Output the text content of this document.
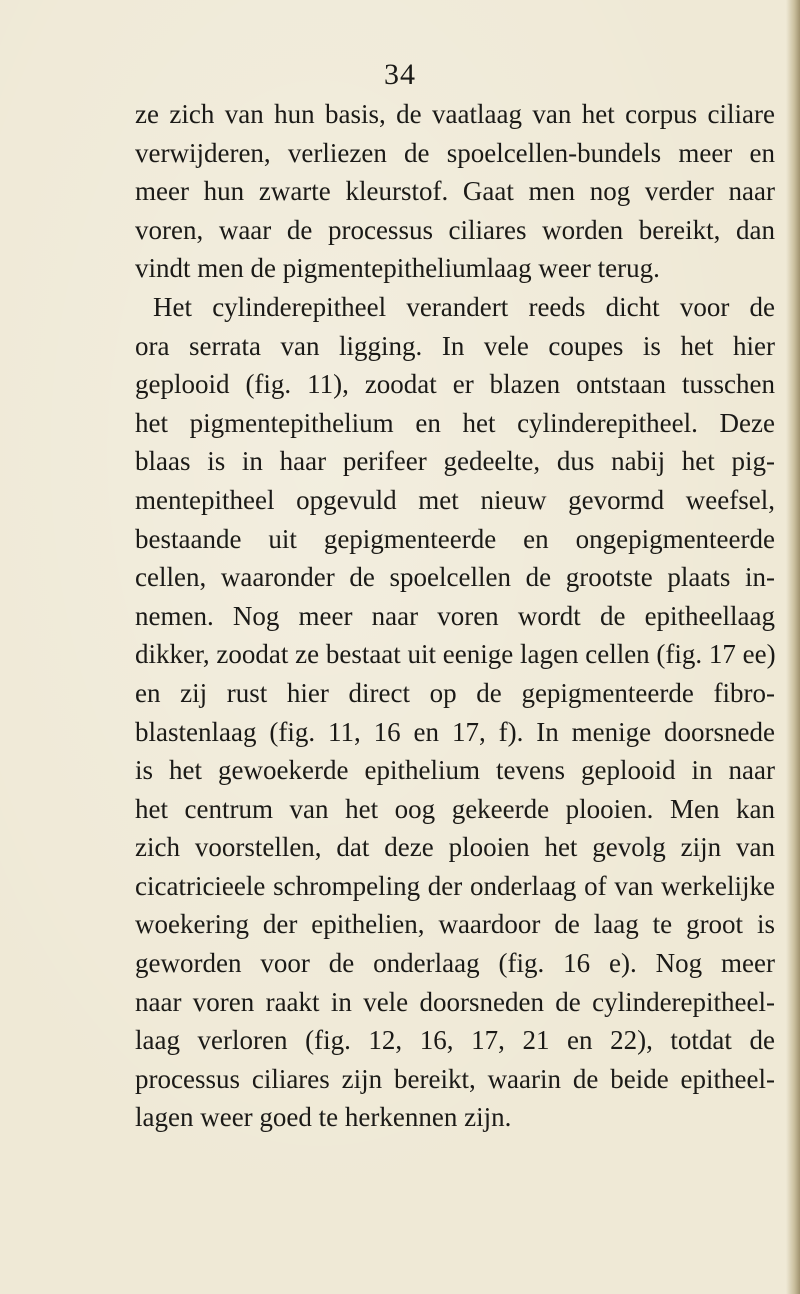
34
ze zich van hun basis, de vaatlaag van het corpus ciliare
verwijderen, verliezen de spoelcellen-bundels meer en
meer hun zwarte kleurstof. Gaat men nog verder naar
voren, waar de processus ciliares worden bereikt, dan
vindt men de pigmentepitheliumlaag weer terug.
Het cylinderepitheel verandert reeds dicht voor de
ora serrata van ligging. In vele coupes is het hier
geplooid (fig. 11), zoodat er blazen ontstaan tusschen
het pigmentepithelium en het cylinderepitheel. Deze
blaas is in haar perifeer gedeelte, dus nabij het pig-
mentepitheel opgevuld met nieuw gevormd weefsel,
bestaande uit gepigmenteerde en ongepigmenteerde
cellen, waaronder de spoelcellen de grootste plaats in-
nemen. Nog meer naar voren wordt de epitheellaag
dikker, zoodat ze bestaat uit eenige lagen cellen (fig. 17 ee)
en zij rust hier direct op de gepigmenteerde fibro-
blastenlaag (fig. 11, 16 en 17, f). In menige doorsnede
is het gewoekerde epithelium tevens geplooid in naar
het centrum van het oog gekeerde plooien. Men kan
zich voorstellen, dat deze plooien het gevolg zijn van
cicatricieele schrompeling der onderlaag of van werkelijke
woekering der epithelien, waardoor de laag te groot is
geworden voor de onderlaag (fig. 16 e). Nog meer
naar voren raakt in vele doorsneden de cylinderepitheel-
laag verloren (fig. 12, 16, 17, 21 en 22), totdat de
processus ciliares zijn bereikt, waarin de beide epitheel-
lagen weer goed te herkennen zijn.
